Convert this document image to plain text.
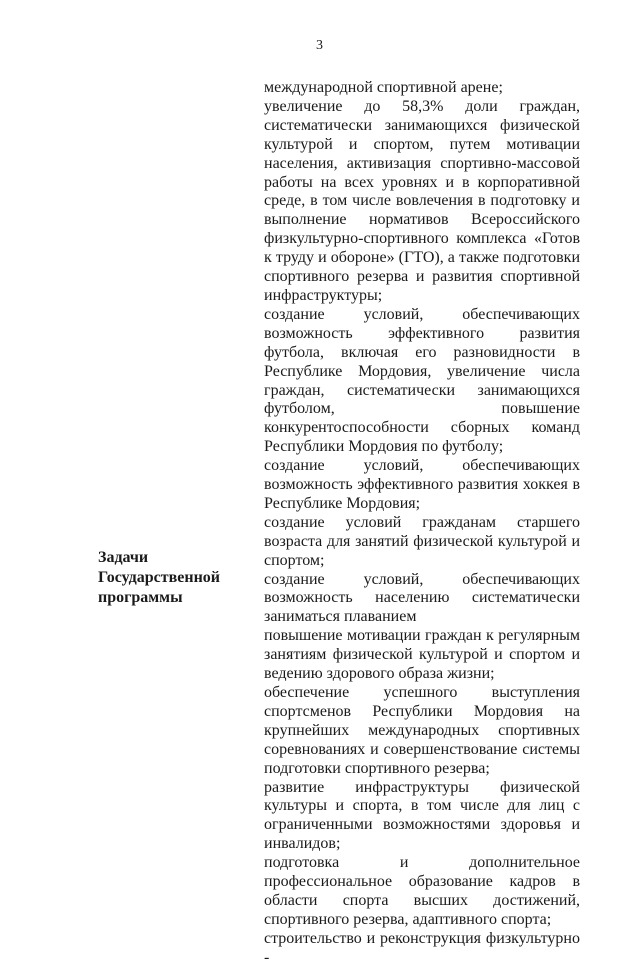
3
Задачи
Государственной
программы
международной спортивной арене;
увеличение до 58,3% доли граждан, систематически занимающихся физической культурой и спортом, путем мотивации населения, активизация спортивно-массовой работы на всех уровнях и в корпоративной среде, в том числе вовлечения в подготовку и выполнение нормативов Всероссийского физкультурно-спортивного комплекса «Готов к труду и обороне» (ГТО), а также подготовки спортивного резерва и развития спортивной инфраструктуры;
создание условий, обеспечивающих возможность эффективного развития футбола, включая его разновидности в Республике Мордовия, увеличение числа граждан, систематически занимающихся футболом, повышение конкурентоспособности сборных команд Республики Мордовия по футболу;
создание условий, обеспечивающих возможность эффективного развития хоккея в Республике Мордовия;
создание условий гражданам старшего возраста для занятий физической культурой и спортом;
создание условий, обеспечивающих возможность населению систематически заниматься плаванием
повышение мотивации граждан к регулярным занятиям физической культурой и спортом и ведению здорового образа жизни;
обеспечение успешного выступления спортсменов Республики Мордовия на крупнейших международных спортивных соревнованиях и совершенствование системы подготовки спортивного резерва;
развитие инфраструктуры физической культуры и спорта, в том числе для лиц с ограниченными возможностями здоровья и инвалидов;
подготовка и дополнительное профессиональное образование кадров в области спорта высших достижений, спортивного резерва, адаптивного спорта;
строительство и реконструкция физкультурно -
